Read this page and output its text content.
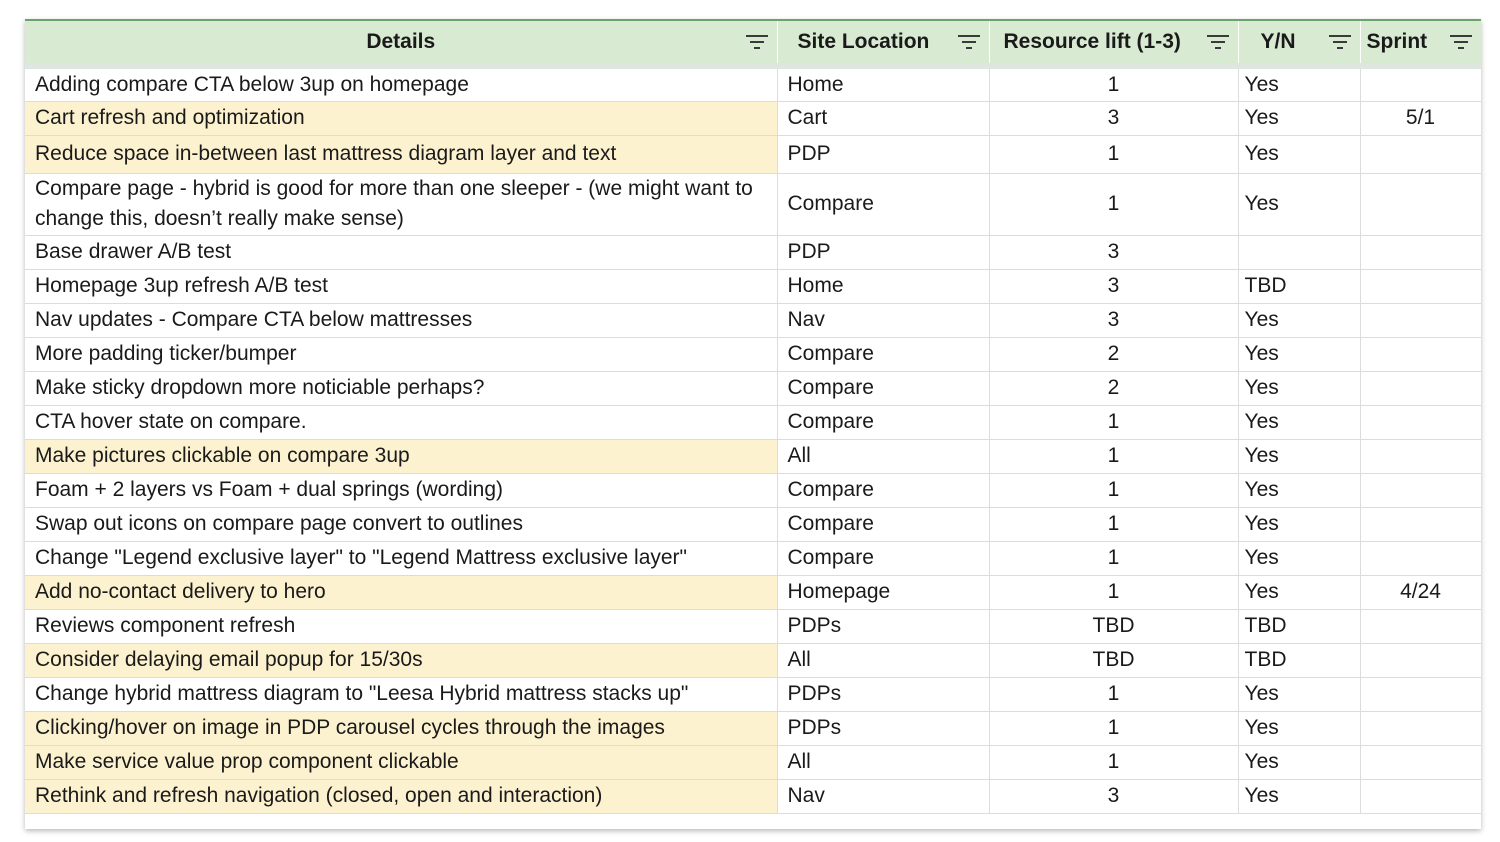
Details	Site Location	Resource lift (1-3)	Y/N	Sprint

Adding compare CTA below 3up on homepage	Home	1	Yes	
Cart refresh and optimization	Cart	3	Yes	5/1
Reduce space in-between last mattress diagram layer and text	PDP	1	Yes	
Compare page - hybrid is good for more than one sleeper - (we might want to change this, doesn’t really make sense)	Compare	1	Yes	
Base drawer A/B test	PDP	3		
Homepage 3up refresh A/B test	Home	3	TBD	
Nav updates - Compare CTA below mattresses	Nav	3	Yes	
More padding ticker/bumper	Compare	2	Yes	
Make sticky dropdown more noticiable perhaps?	Compare	2	Yes	
CTA hover state on compare.	Compare	1	Yes	
Make pictures clickable on compare 3up	All	1	Yes	
Foam + 2 layers vs Foam + dual springs (wording)	Compare	1	Yes	
Swap out icons on compare page convert to outlines	Compare	1	Yes	
Change "Legend exclusive layer" to "Legend Mattress exclusive layer"	Compare	1	Yes	
Add no-contact delivery to hero	Homepage	1	Yes	4/24
Reviews component refresh	PDPs	TBD	TBD	
Consider delaying email popup for 15/30s	All	TBD	TBD	
Change hybrid mattress diagram to "Leesa Hybrid mattress stacks up"	PDPs	1	Yes	
Clicking/hover on image in PDP carousel cycles through the images	PDPs	1	Yes	
Make service value prop component clickable	All	1	Yes	
Rethink and refresh navigation (closed, open and interaction)	Nav	3	Yes	
